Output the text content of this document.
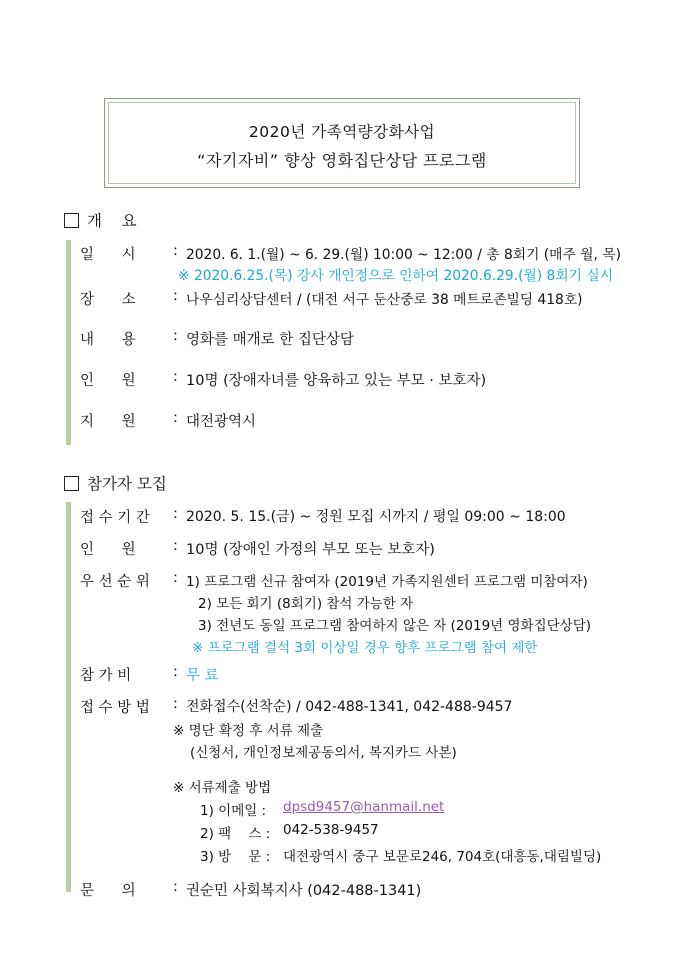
2020년 가족역량강화사업
“자기자비” 향상 영화집단상담 프로그램
개    요
일      시	: 2020. 6. 1.(월) ~ 6. 29.(월) 10:00 ~ 12:00 / 총 8회기 (매주 월, 목)
※ 2020.6.25.(목) 강사 개인정으로 인하여 2020.6.29.(월) 8회기 실시
장      소	: 나우심리상담센터 / (대전 서구 둔산중로 38 메트로존빌딩 418호)
내      용	: 영화를 매개로 한 집단상담
인      원	: 10명 (장애자녀를 양육하고 있는 부모 · 보호자)
지      원	: 대전광역시
참가자 모집
접 수 기 간 : 2020. 5. 15.(금) ~ 정원 모집 시까지 / 평일 09:00 ~ 18:00
인      원	: 10명 (장애인 가정의 부모 또는 보호자)
우 선 순 위 : 1) 프로그램 신규 참여자 (2019년 가족지원센터 프로그램 미참여자)
2) 모든 회기 (8회기) 참석 가능한 자
3) 전년도 동일 프로그램 참여하지 않은 자 (2019년 영화집단상담)
※ 프로그램 결석 3회 이상일 경우 향후 프로그램 참여 제한
참 가 비	: 무 료
접 수 방 법 : 전화접수(선착순) / 042-488-1341, 042-488-9457
※ 명단 확정 후 서류 제출
(신청서, 개인정보제공동의서, 복지카드 사본)
※ 서류제출 방법
1) 이메일 : dpsd9457@hanmail.net
2) 팩    스 : 042-538-9457
3) 방    문 : 대전광역시 중구 보문로246, 704호(대흥동,대림빌딩)
문      의	: 권순민 사회복지사 (042-488-1341)
